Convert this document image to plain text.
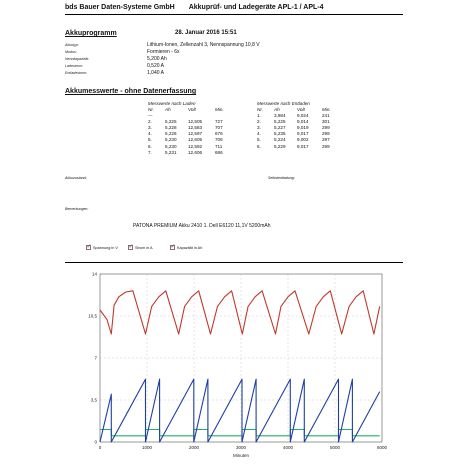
bds Bauer Daten-Systeme GmbH Akkuprüf- und Ladegeräte APL-1 / APL-4
Akkuprogramm	28. Januar 2016 15:51
Akkutyp:	Lithium-Ionen, Zellenzahl 3, Nennspannung 10,8 V
Modus:	Formieren - 6x
Nennkapazität:	5,200 Ah
Ladestrom:	0,520 A
Entladestrom:	1,040 A
Akkumesswerte - ohne Datenerfassung
Messwerte nach Laden
Nr.	Ah	Volt	Min.
---			
2.	5,225	12,505	727
3.	5,228	12,583	707
4.	5,226	12,597	676
5.	5,230	12,605	706
6.	5,230	12,592	711
7.	5,231	12,606	686
Messwerte nach Entladen
Nr.	Ah	Volt	Min.
1.	3,984	9,024	241
2.	5,225	9,014	301
3.	5,227	9,019	299
4.	5,235	9,017	299
5.	5,224	9,002	297
6.	5,229	9,017	299
Akkuzustand:	Selbstentladung:
Bemerkungen:
PATONA PREMIUM Akku 2410 1. Dell E6120 11,1V 5200mAh
✓
Spannung in V ✓	Strom in A ✓	Kapazität in Ah
0	1000	2000	3000	4000	5000	6000
0
3,5
7
10,5
14
Minuten
